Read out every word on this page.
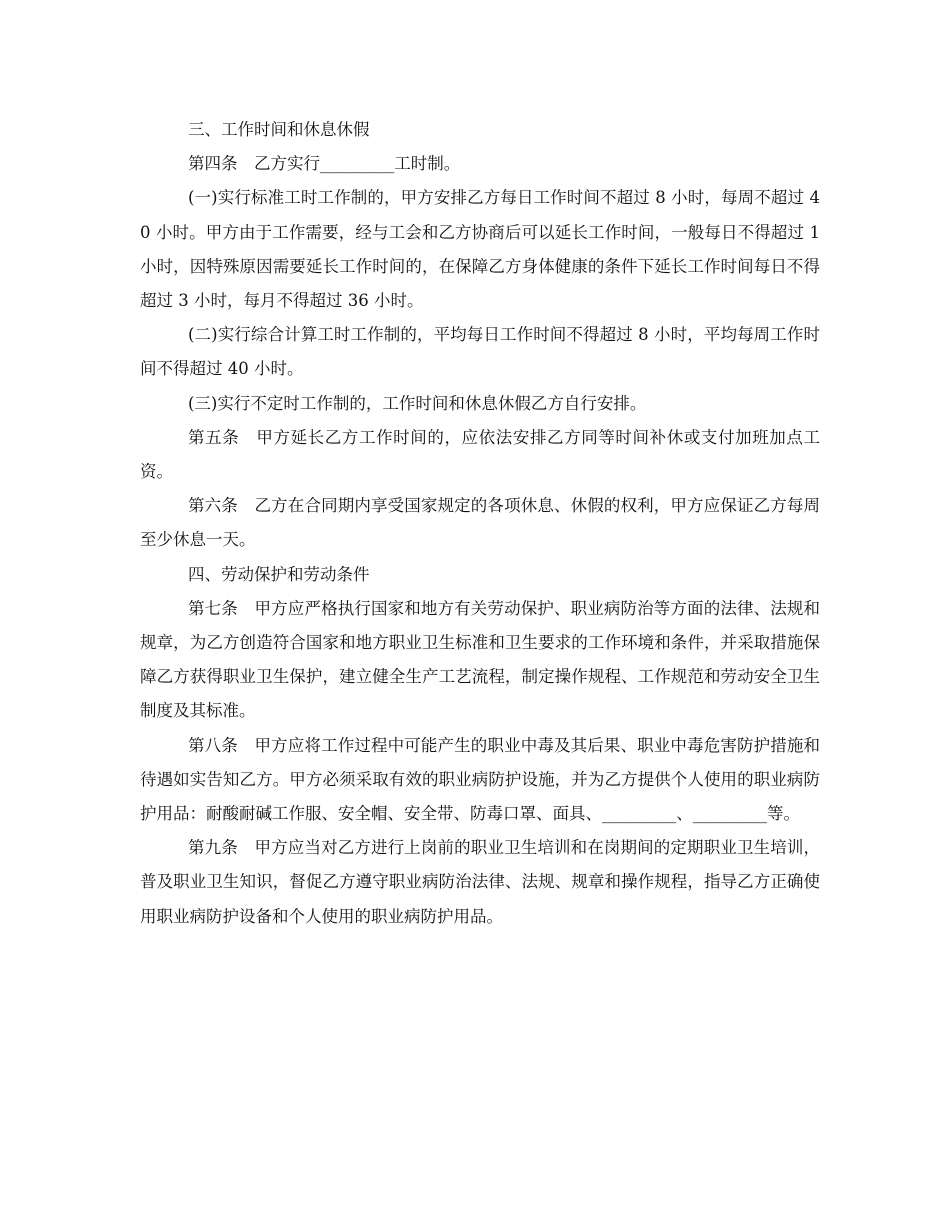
三、工作时间和休息休假

第四条　乙方实行_________工时制。

(一)实行标准工时工作制的，甲方安排乙方每日工作时间不超过 8 小时，每周不超过 40 小时。甲方由于工作需要，经与工会和乙方协商后可以延长工作时间，一般每日不得超过 1 小时，因特殊原因需要延长工作时间的，在保障乙方身体健康的条件下延长工作时间每日不得超过 3 小时，每月不得超过 36 小时。

(二)实行综合计算工时工作制的，平均每日工作时间不得超过 8 小时，平均每周工作时间不得超过 40 小时。

(三)实行不定时工作制的，工作时间和休息休假乙方自行安排。

第五条　甲方延长乙方工作时间的，应依法安排乙方同等时间补休或支付加班加点工资。

第六条　乙方在合同期内享受国家规定的各项休息、休假的权利，甲方应保证乙方每周至少休息一天。

四、劳动保护和劳动条件

第七条　甲方应严格执行国家和地方有关劳动保护、职业病防治等方面的法律、法规和规章，为乙方创造符合国家和地方职业卫生标准和卫生要求的工作环境和条件，并采取措施保障乙方获得职业卫生保护，建立健全生产工艺流程，制定操作规程、工作规范和劳动安全卫生制度及其标准。

第八条　甲方应将工作过程中可能产生的职业中毒及其后果、职业中毒危害防护措施和待遇如实告知乙方。甲方必须采取有效的职业病防护设施，并为乙方提供个人使用的职业病防护用品：耐酸耐碱工作服、安全帽、安全带、防毒口罩、面具、_________、_________等。

第九条　甲方应当对乙方进行上岗前的职业卫生培训和在岗期间的定期职业卫生培训，普及职业卫生知识，督促乙方遵守职业病防治法律、法规、规章和操作规程，指导乙方正确使用职业病防护设备和个人使用的职业病防护用品。
